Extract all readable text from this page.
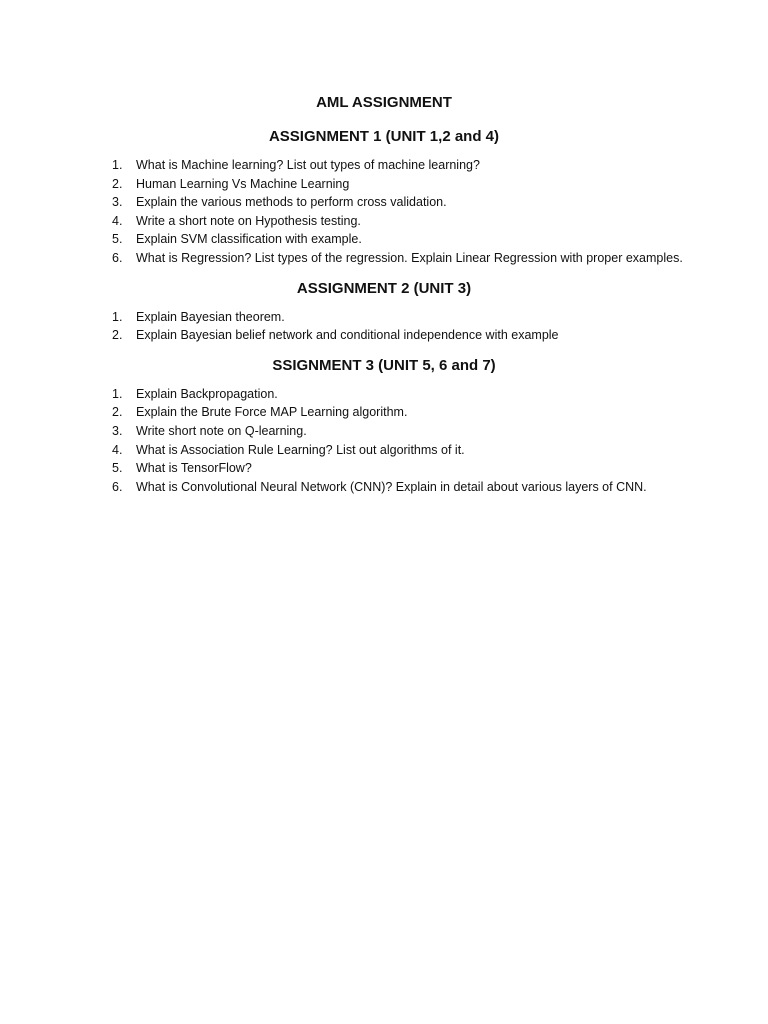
AML ASSIGNMENT
ASSIGNMENT 1 (UNIT 1,2 and 4)
1.	What is Machine learning? List out types of machine learning?
2.	Human Learning Vs Machine Learning
3.	Explain the various methods to perform cross validation.
4.	Write a short note on Hypothesis testing.
5.	Explain SVM classification with example.
6.	What is Regression? List types of the regression. Explain Linear Regression with proper examples.
ASSIGNMENT 2 (UNIT 3)
1.	Explain Bayesian theorem.
2.	Explain Bayesian belief network and conditional independence with example
SSIGNMENT 3 (UNIT 5, 6 and 7)
1.	Explain Backpropagation.
2.	Explain the Brute Force MAP Learning algorithm.
3.	Write short note on Q-learning.
4.	What is Association Rule Learning? List out algorithms of it.
5.	What is TensorFlow?
6.	What is Convolutional Neural Network (CNN)? Explain in detail about various layers of CNN.
